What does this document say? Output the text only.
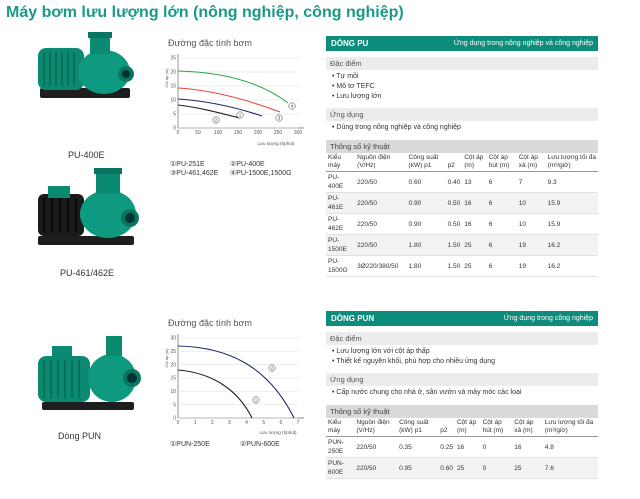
Máy bơm lưu lượng lớn (nông nghiệp, công nghiệp)
PU-400E
PU-461/462E
Đường đặc tính bơm
25
20
15
10
5
0
0	50	100 150 200 250 300
Cột áp (m)
Lưu lượng (ℓ/phút)
4
3
1
2
①PU-251E	②PU-400E
③PU-461,462E	④PU-1500E,1500G
DÒNG PU	Ứng dụng trong nông nghiệp và công nghiệp
Đặc điểm
• Tự mồi
• Mô tơ TEFC
• Lưu lượng lớn
Ứng dụng
• Dùng trong nông nghiệp và công nghiệp
Thông số kỹ thuật
Kiểu máy	Nguồn điện (V/Hz)	Công suất (kW) p1	p2	Cột áp (m)	Cột áp hút (m)	Cột áp xả (m)	Lưu lượng tối đa (m³/giờ)
PU-400E	220/50	0.60	0.40	13	6	7	9.3
PU-461E	220/50	0.90	0.50	16	6	10	15.9
PU-462E	220/50	0.90	0.50	16	6	10	15.9
PU-1500E	220/50	1.80	1.50	25	6	19	16.2
PU-1500G	3Ø220/380/50	1.80	1.50	25	6	19	16.2
Dòng PUN
Đường đặc tính bơm
30
25
20
15
10
5
0
0	1	2	3	4	5	6	7
Cột áp (m)
Lưu lượng (ℓ/phút)
2
1
①PUN-250E	②PUN-600E
DÒNG PUN	Ứng dụng trong công nghiệp
Đặc điểm
• Lưu lượng lớn với cột áp thấp
• Thiết kế nguyên khối, phù hợp cho nhiều ứng dụng
Ứng dụng
• Cấp nước chung cho nhà ở, sân vườn và máy móc các loại
Thông số kỹ thuật
Kiểu máy	Nguồn điện (V/Hz)	Công suất (kW) p1	p2	Cột áp (m)	Cột áp hút (m)	Cột áp xả (m)	Lưu lượng tối đa (m³/giờ)
PUN-250E	220/50	0.35	0.25	16	0	16	4.8
PUN-600E	220/50	0.95	0.60	25	0	25	7.6
